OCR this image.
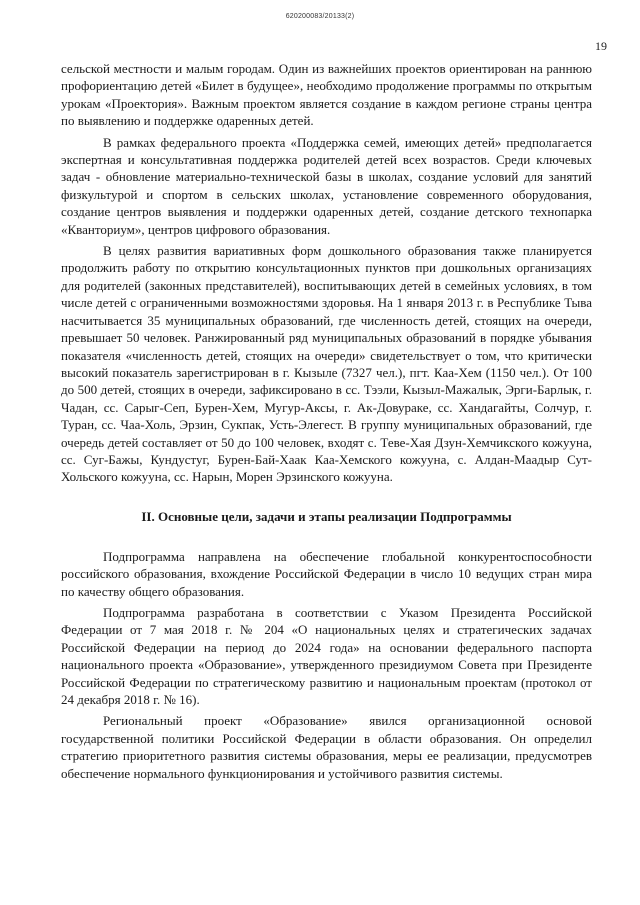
620200083/20133(2)
19

сельской местности и малым городам. Один из важнейших проектов ориентирован на раннюю профориентацию детей «Билет в будущее», необходимо продолжение программы по открытым урокам «Проектория». Важным проектом является создание в каждом регионе страны центра по выявлению и поддержке одаренных детей.

В рамках федерального проекта «Поддержка семей, имеющих детей» предполагается экспертная и консультативная поддержка родителей детей всех возрастов. Среди ключевых задач - обновление материально-технической базы в школах, создание условий для занятий физкультурой и спортом в сельских школах, установление современного оборудования, создание центров выявления и поддержки одаренных детей, создание детского технопарка «Кванториум», центров цифрового образования.

В целях развития вариативных форм дошкольного образования также планируется продолжить работу по открытию консультационных пунктов при дошкольных организациях для родителей (законных представителей), воспитывающих детей в семейных условиях, в том числе детей с ограниченными возможностями здоровья. На 1 января 2013 г. в Республике Тыва насчитывается 35 муниципальных образований, где численность детей, стоящих на очереди, превышает 50 человек. Ранжированный ряд муниципальных образований в порядке убывания показателя «численность детей, стоящих на очереди» свидетельствует о том, что критически высокий показатель зарегистрирован в г. Кызыле (7327 чел.), пгт. Каа-Хем (1150 чел.). От 100 до 500 детей, стоящих в очереди, зафиксировано в сс. Тээли, Кызыл-Мажалык, Эрги-Барлык, г. Чадан, сс. Сарыг-Сеп, Бурен-Хем, Мугур-Аксы, г. Ак-Довураке, сс. Хандагайты, Солчур, г. Туран, сс. Чаа-Холь, Эрзин, Сукпак, Усть-Элегест. В группу муниципальных образований, где очередь детей составляет от 50 до 100 человек, входят с. Теве-Хая Дзун-Хемчикского кожууна, сс. Суг-Бажы, Кундустуг, Бурен-Бай-Хаак Каа-Хемского кожууна, с. Алдан-Маадыр Сут-Хольского кожууна, сс. Нарын, Морен Эрзинского кожууна.

II. Основные цели, задачи и этапы реализации Подпрограммы

Подпрограмма направлена на обеспечение глобальной конкурентоспособности российского образования, вхождение Российской Федерации в число 10 ведущих стран мира по качеству общего образования.

Подпрограмма разработана в соответствии с Указом Президента Российской Федерации от 7 мая 2018 г. № 204 «О национальных целях и стратегических задачах Российской Федерации на период до 2024 года» на основании федерального паспорта национального проекта «Образование», утвержденного президиумом Совета при Президенте Российской Федерации по стратегическому развитию и национальным проектам (протокол от 24 декабря 2018 г. № 16).

Региональный проект «Образование» явился организационной основой государственной политики Российской Федерации в области образования. Он определил стратегию приоритетного развития системы образования, меры ее реализации, предусмотрев обеспечение нормального функционирования и устойчивого развития системы.
